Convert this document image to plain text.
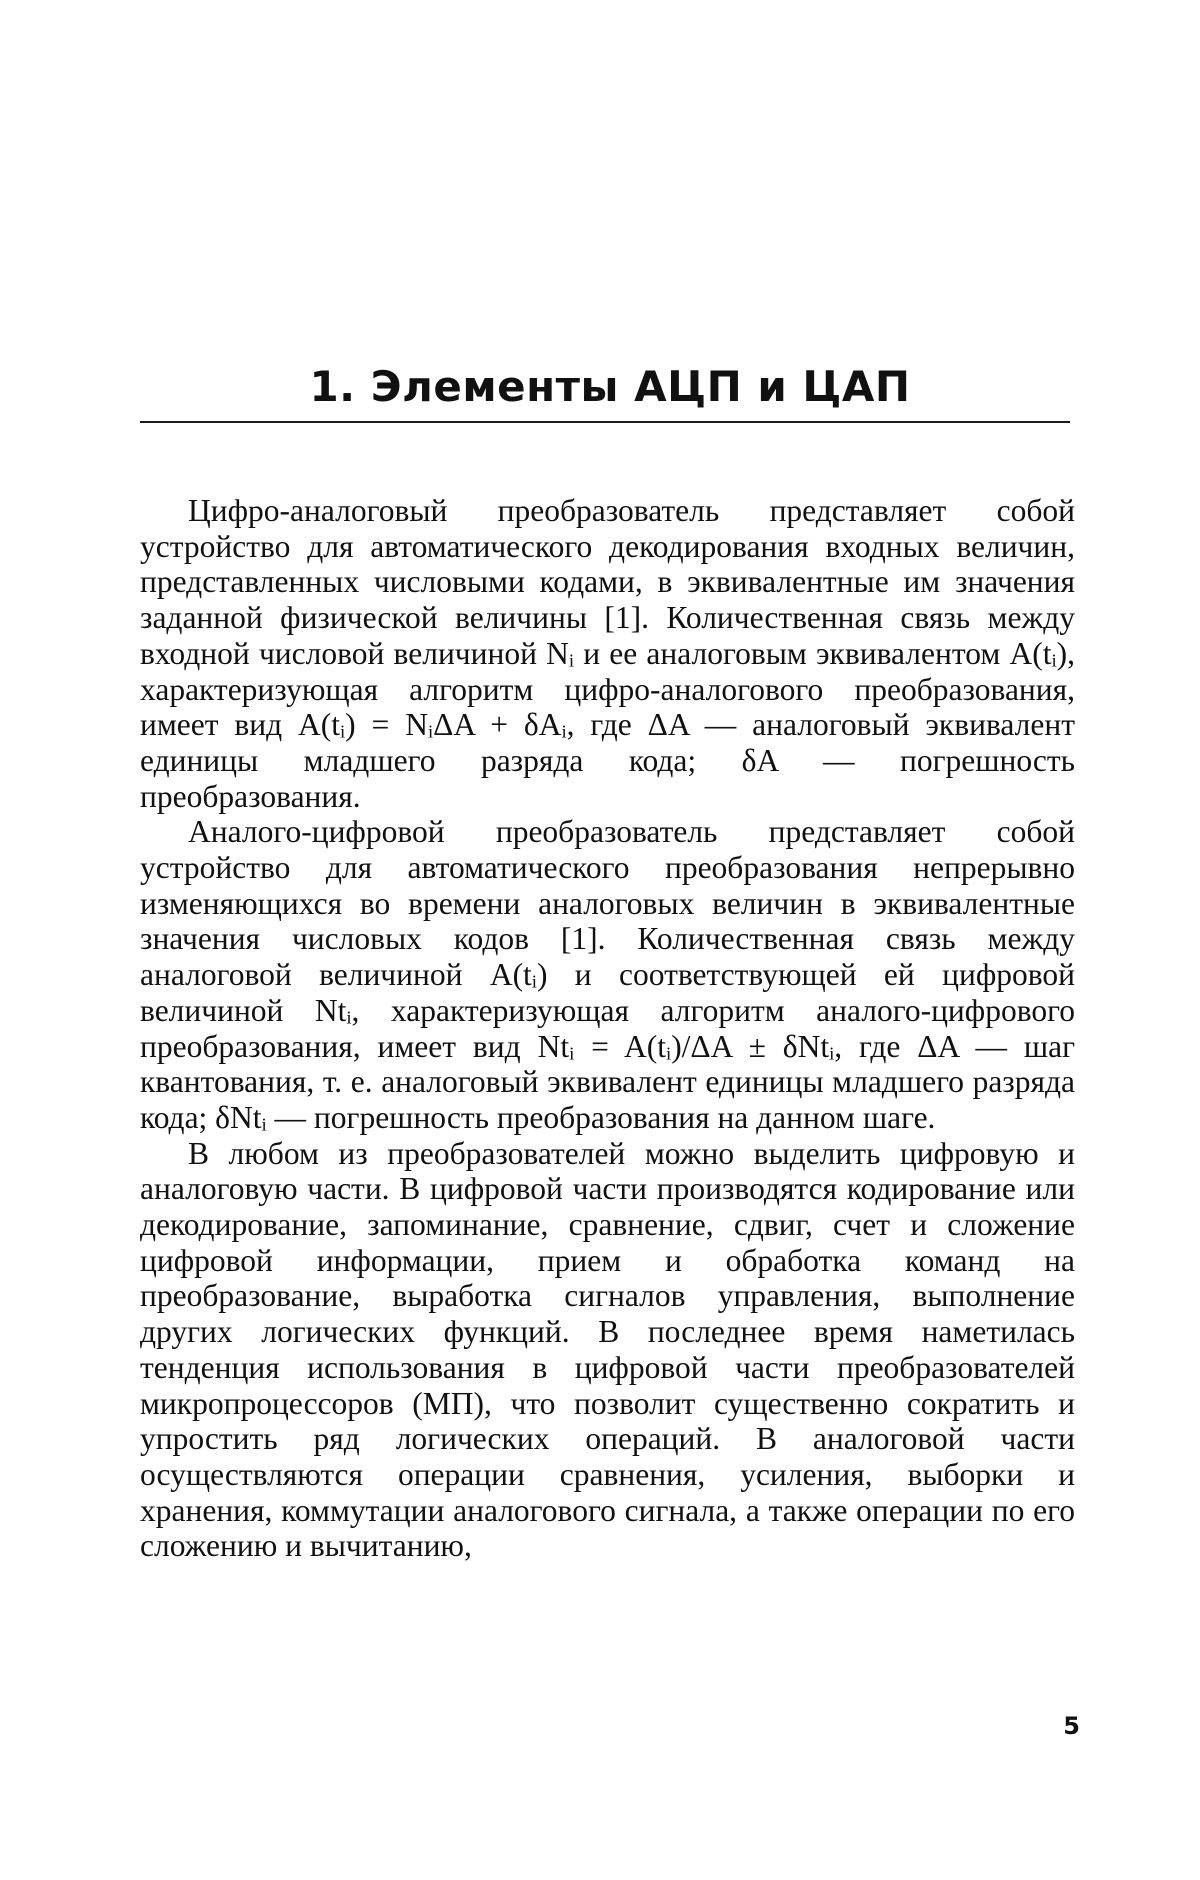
1. Элементы АЦП и ЦАП

Цифро-аналоговый преобразователь представляет собой устройство для автоматического декодирования входных величин, представленных числовыми кодами, в эквивалентные им значения заданной физической величины [1]. Количественная связь между входной числовой величиной Nᵢ и ее аналоговым эквивалентом A(tᵢ), характеризующая алгоритм цифро-аналогового преобразования, имеет вид A(tᵢ) = NᵢΔA + δAᵢ, где ΔA — аналоговый эквивалент единицы младшего разряда кода; δA — погрешность преобразования.

Аналого-цифровой преобразователь представляет собой устройство для автоматического преобразования непрерывно изменяющихся во времени аналоговых величин в эквивалентные значения числовых кодов [1]. Количественная связь между аналоговой величиной A(tᵢ) и соответствующей ей цифровой величиной Ntᵢ, характеризующая алгоритм аналого-цифрового преобразования, имеет вид Ntᵢ = A(tᵢ)/ΔA ± δNtᵢ, где ΔA — шаг квантования, т. е. аналоговый эквивалент единицы младшего разряда кода; δNtᵢ — погрешность преобразования на данном шаге.

В любом из преобразователей можно выделить цифровую и аналоговую части. В цифровой части производятся кодирование или декодирование, запоминание, сравнение, сдвиг, счет и сложение цифровой информации, прием и обработка команд на преобразование, выработка сигналов управления, выполнение других логических функций. В последнее время наметилась тенденция использования в цифровой части преобразователей микропроцессоров (МП), что позволит существенно сократить и упростить ряд логических операций. В аналоговой части осуществляются операции сравнения, усиления, выборки и хранения, коммутации аналогового сигнала, а также операции по его сложению и вычитанию,

5
